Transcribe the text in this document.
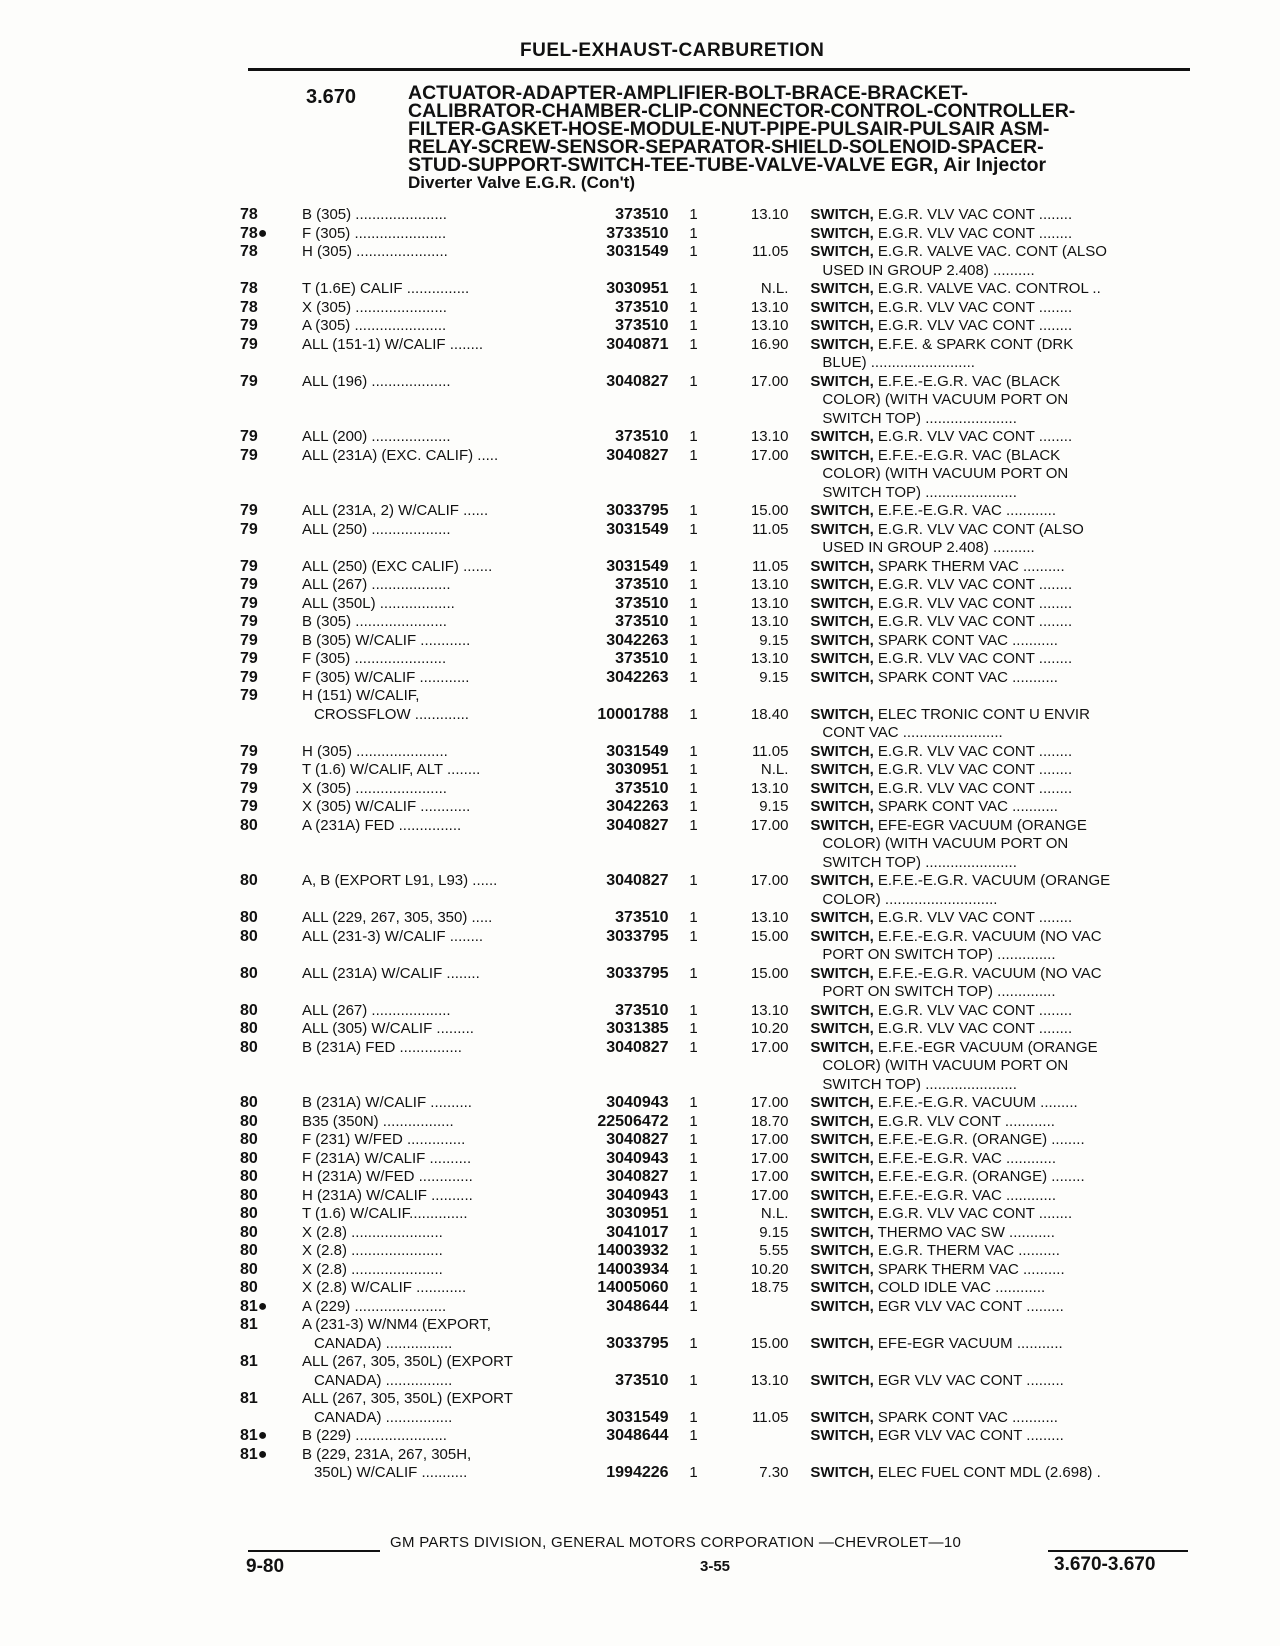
FUEL-EXHAUST-CARBURETION
3.670	ACTUATOR-ADAPTER-AMPLIFIER-BOLT-BRACE-BRACKET-
CALIBRATOR-CHAMBER-CLIP-CONNECTOR-CONTROL-CONTROLLER-
FILTER-GASKET-HOSE-MODULE-NUT-PIPE-PULSAIR-PULSAIR ASM-
RELAY-SCREW-SENSOR-SEPARATOR-SHIELD-SOLENOID-SPACER-
STUD-SUPPORT-SWITCH-TEE-TUBE-VALVE-VALVE EGR, Air Injector
Diverter Valve E.G.R. (Con't)
78	B (305) ......................	373510	1	13.10 SWITCH, E.G.R. VLV VAC CONT ........
78●	F (305) ......................	3733510	1	SWITCH, E.G.R. VLV VAC CONT ........
78	H (305) ......................	3031549	1	11.05 SWITCH, E.G.R. VALVE VAC. CONT (ALSO
USED IN GROUP 2.408) ..........
78	T (1.6E) CALIF ...............	3030951	1	N.L. SWITCH, E.G.R. VALVE VAC. CONTROL ..
78	X (305) ......................	373510	1	13.10 SWITCH, E.G.R. VLV VAC CONT ........
79	A (305) ......................	373510	1	13.10 SWITCH, E.G.R. VLV VAC CONT ........
79	ALL (151-1) W/CALIF ........	3040871	1	16.90 SWITCH, E.F.E. & SPARK CONT (DRK
BLUE) .........................
79	ALL (196) ...................	3040827	1	17.00 SWITCH, E.F.E.-E.G.R. VAC (BLACK
COLOR) (WITH VACUUM PORT ON
SWITCH TOP) ......................
79	ALL (200) ...................	373510	1	13.10 SWITCH, E.G.R. VLV VAC CONT ........
79	ALL (231A) (EXC. CALIF) .....	3040827	1	17.00 SWITCH, E.F.E.-E.G.R. VAC (BLACK
COLOR) (WITH VACUUM PORT ON
SWITCH TOP) ......................
79	ALL (231A, 2) W/CALIF ......	3033795	1	15.00 SWITCH, E.F.E.-E.G.R. VAC ............
79	ALL (250) ...................	3031549	1	11.05 SWITCH, E.G.R. VLV VAC CONT (ALSO
USED IN GROUP 2.408) ..........
79	ALL (250) (EXC CALIF) .......	3031549	1	11.05 SWITCH, SPARK THERM VAC ..........
79	ALL (267) ...................	373510	1	13.10 SWITCH, E.G.R. VLV VAC CONT ........
79	ALL (350L) ..................	373510	1	13.10 SWITCH, E.G.R. VLV VAC CONT ........
79	B (305) ......................	373510	1	13.10 SWITCH, E.G.R. VLV VAC CONT ........
79	B (305) W/CALIF ............	3042263	1	9.15 SWITCH, SPARK CONT VAC ...........
79	F (305) ......................	373510	1	13.10 SWITCH, E.G.R. VLV VAC CONT ........
79	F (305) W/CALIF ............	3042263	1	9.15 SWITCH, SPARK CONT VAC ...........
79	H (151) W/CALIF,
CROSSFLOW .............	10001788	1	18.40 SWITCH, ELEC TRONIC CONT U ENVIR
CONT VAC ........................
79	H (305) ......................	3031549	1	11.05 SWITCH, E.G.R. VLV VAC CONT ........
79	T (1.6) W/CALIF, ALT ........	3030951	1	N.L. SWITCH, E.G.R. VLV VAC CONT ........
79	X (305) ......................	373510	1	13.10 SWITCH, E.G.R. VLV VAC CONT ........
79	X (305) W/CALIF ............	3042263	1	9.15 SWITCH, SPARK CONT VAC ...........
80	A (231A) FED ...............	3040827	1	17.00 SWITCH, EFE-EGR VACUUM (ORANGE
COLOR) (WITH VACUUM PORT ON
SWITCH TOP) ......................
80	A, B (EXPORT L91, L93) ......	3040827	1	17.00 SWITCH, E.F.E.-E.G.R. VACUUM (ORANGE
COLOR) ...........................
80	ALL (229, 267, 305, 350) .....	373510	1	13.10 SWITCH, E.G.R. VLV VAC CONT ........
80	ALL (231-3) W/CALIF ........	3033795	1	15.00 SWITCH, E.F.E.-E.G.R. VACUUM (NO VAC
PORT ON SWITCH TOP) ..............
80	ALL (231A) W/CALIF ........	3033795	1	15.00 SWITCH, E.F.E.-E.G.R. VACUUM (NO VAC
PORT ON SWITCH TOP) ..............
80	ALL (267) ...................	373510	1	13.10 SWITCH, E.G.R. VLV VAC CONT ........
80	ALL (305) W/CALIF .........	3031385	1	10.20 SWITCH, E.G.R. VLV VAC CONT ........
80	B (231A) FED ...............	3040827	1	17.00 SWITCH, E.F.E.-EGR VACUUM (ORANGE
COLOR) (WITH VACUUM PORT ON
SWITCH TOP) ......................
80	B (231A) W/CALIF ..........	3040943	1	17.00 SWITCH, E.F.E.-E.G.R. VACUUM .........
80	B35 (350N) .................	22506472	1	18.70 SWITCH, E.G.R. VLV CONT ............
80	F (231) W/FED ..............	3040827	1	17.00 SWITCH, E.F.E.-E.G.R. (ORANGE) ........
80	F (231A) W/CALIF ..........	3040943	1	17.00 SWITCH, E.F.E.-E.G.R. VAC ............
80	H (231A) W/FED .............	3040827	1	17.00 SWITCH, E.F.E.-E.G.R. (ORANGE) ........
80	H (231A) W/CALIF ..........	3040943	1	17.00 SWITCH, E.F.E.-E.G.R. VAC ............
80	T (1.6) W/CALIF..............	3030951	1	N.L. SWITCH, E.G.R. VLV VAC CONT ........
80	X (2.8) ......................	3041017	1	9.15 SWITCH, THERMO VAC SW ...........
80	X (2.8) ......................	14003932	1	5.55 SWITCH, E.G.R. THERM VAC ..........
80	X (2.8) ......................	14003934	1	10.20 SWITCH, SPARK THERM VAC ..........
80	X (2.8) W/CALIF ............	14005060	1	18.75 SWITCH, COLD IDLE VAC ............
81●	A (229) ......................	3048644	1	SWITCH, EGR VLV VAC CONT .........
81	A (231-3) W/NM4 (EXPORT,
CANADA) ................	3033795	1	15.00 SWITCH, EFE-EGR VACUUM ...........
81	ALL (267, 305, 350L) (EXPORT
CANADA) ................	373510	1	13.10 SWITCH, EGR VLV VAC CONT .........
81	ALL (267, 305, 350L) (EXPORT
CANADA) ................	3031549	1	11.05 SWITCH, SPARK CONT VAC ...........
81●	B (229) ......................	3048644	1	SWITCH, EGR VLV VAC CONT .........
81●	B (229, 231A, 267, 305H,
350L) W/CALIF ...........	1994226	1	7.30 SWITCH, ELEC FUEL CONT MDL (2.698) .
GM PARTS DIVISION, GENERAL MOTORS CORPORATION —CHEVROLET—10
9-80	3-55	3.670-3.670
